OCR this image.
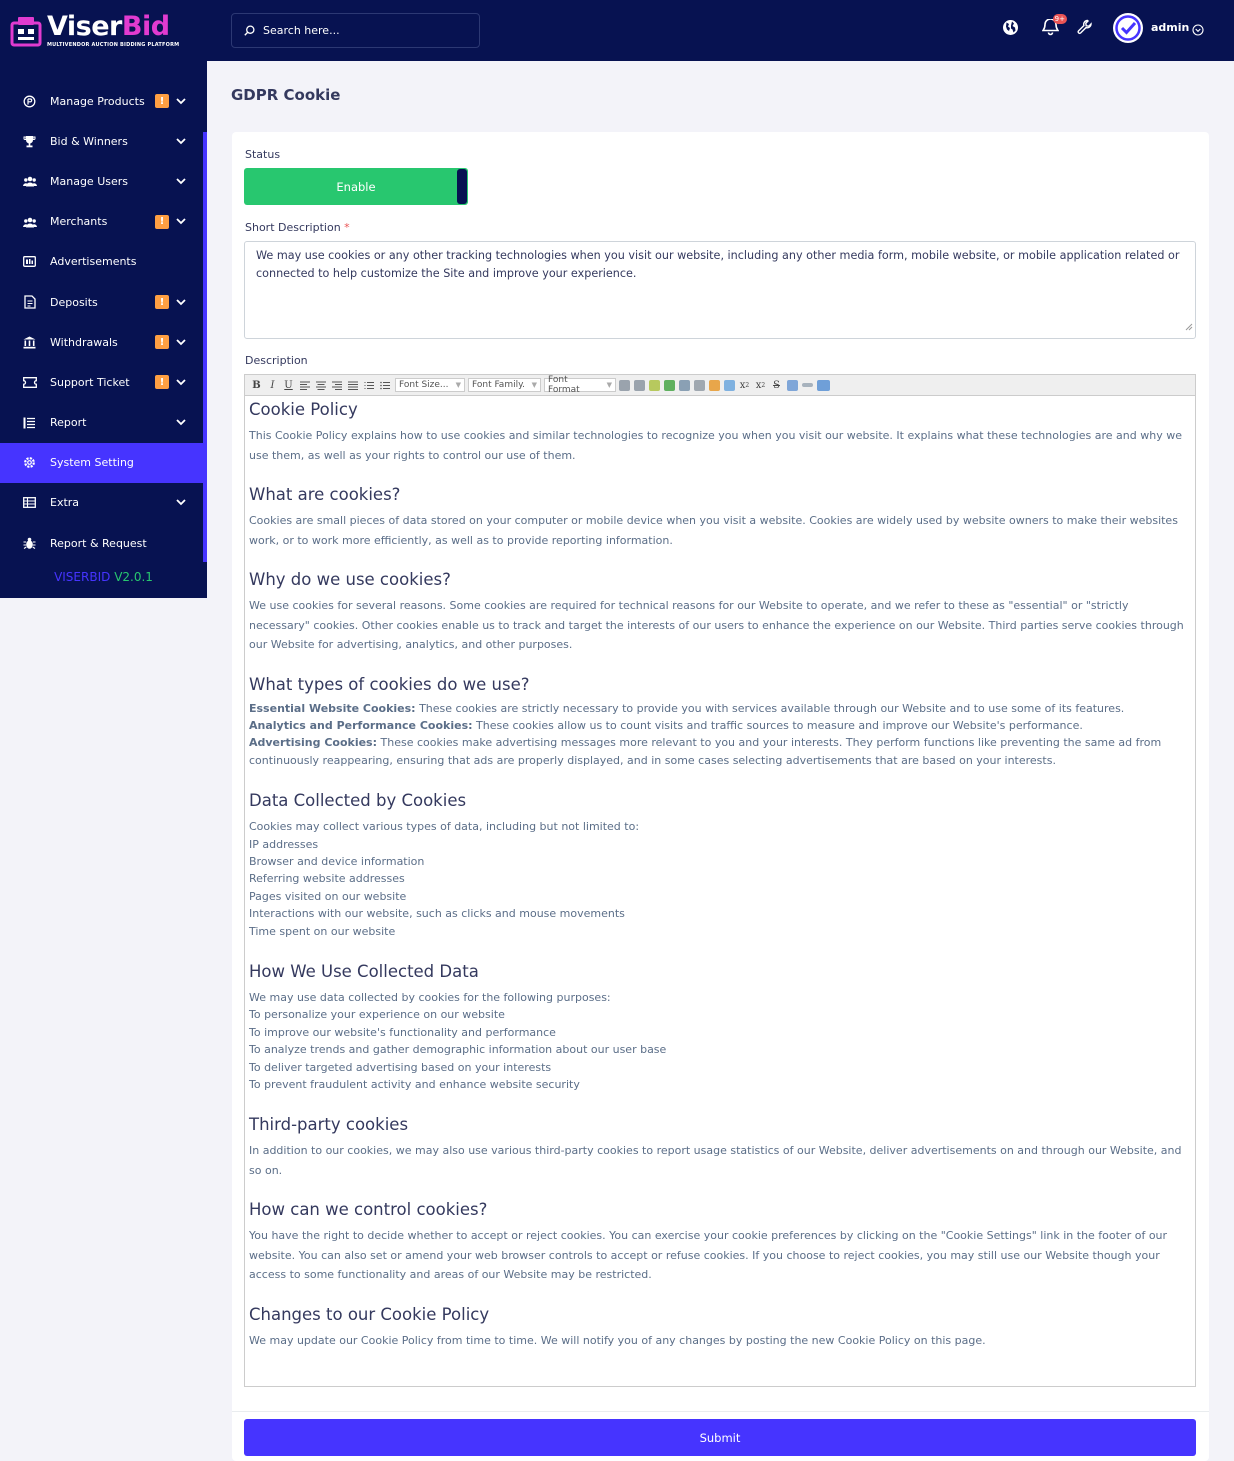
ViserBid
MULTIVENDOR AUCTION BIDDING PLATFORM
Manage Products	!
Bid & Winners
Manage Users
Merchants	!
Advertisements
Deposits	!
Withdrawals	!
Support Ticket	!
Report
System Setting
Extra
Report & Request
VISERBID V2.0.1
Search here...
9+
admin
GDPR Cookie
Status
Enable
Short Description *
We may use cookies or any other tracking technologies when you visit our website, including any other media form, mobile website, or mobile application related or connected to help customize the Site and improve your experience.
Description
B I U	Font Size... ▼ Font Family. ▼ Font Format	▼	x 2 x 2 S
Cookie Policy

This Cookie Policy explains how to use cookies and similar technologies to recognize you when you visit our website. It explains what these technologies are and why we use them, as well as your rights to control our use of them.

What are cookies?

Cookies are small pieces of data stored on your computer or mobile device when you visit a website. Cookies are widely used by website owners to make their websites work, or to work more efficiently, as well as to provide reporting information.

Why do we use cookies?

We use cookies for several reasons. Some cookies are required for technical reasons for our Website to operate, and we refer to these as "essential" or "strictly necessary" cookies. Other cookies enable us to track and target the interests of our users to enhance the experience on our Website. Third parties serve cookies through our Website for advertising, analytics, and other purposes.

What types of cookies do we use?
Essential Website Cookies: These cookies are strictly necessary to provide you with services available through our Website and to use some of its features.
Analytics and Performance Cookies: These cookies allow us to count visits and traffic sources to measure and improve our Website's performance.
Advertising Cookies: These cookies make advertising messages more relevant to you and your interests. They perform functions like preventing the same ad from continuously reappearing, ensuring that ads are properly displayed, and in some cases selecting advertisements that are based on your interests.
Data Collected by Cookies
Cookies may collect various types of data, including but not limited to:
IP addresses
Browser and device information
Referring website addresses
Pages visited on our website
Interactions with our website, such as clicks and mouse movements
Time spent on our website
How We Use Collected Data
We may use data collected by cookies for the following purposes:
To personalize your experience on our website
To improve our website's functionality and performance
To analyze trends and gather demographic information about our user base
To deliver targeted advertising based on your interests
To prevent fraudulent activity and enhance website security
Third-party cookies

In addition to our cookies, we may also use various third-party cookies to report usage statistics of our Website, deliver advertisements on and through our Website, and so on.

How can we control cookies?

You have the right to decide whether to accept or reject cookies. You can exercise your cookie preferences by clicking on the "Cookie Settings" link in the footer of our website. You can also set or amend your web browser controls to accept or refuse cookies. If you choose to reject cookies, you may still use our Website though your access to some functionality and areas of our Website may be restricted.

Changes to our Cookie Policy

We may update our Cookie Policy from time to time. We will notify you of any changes by posting the new Cookie Policy on this page.

Submit
